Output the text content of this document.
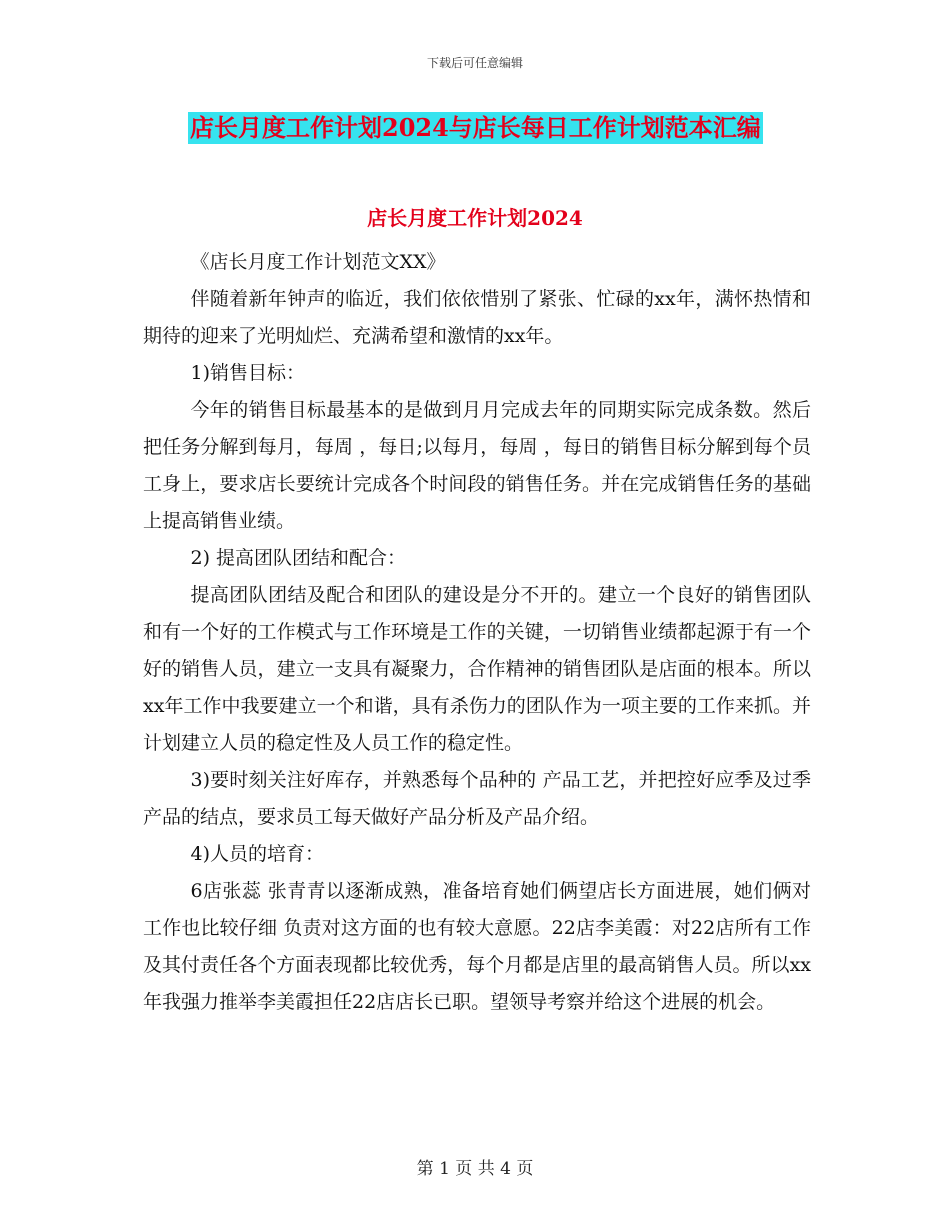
下载后可任意编辑
店长月度工作计划2024与店长每日工作计划范本汇编
店长月度工作计划2024

《店长月度工作计划范文XX》

伴随着新年钟声的临近，我们依依惜别了紧张、忙碌的xx年，满怀热情和期待的迎来了光明灿烂、充满希望和激情的xx年。

1)销售目标：

今年的销售目标最基本的是做到月月完成去年的同期实际完成条数。然后把任务分解到每月，每周 ，每日;以每月，每周 ，每日的销售目标分解到每个员工身上，要求店长要统计完成各个时间段的销售任务。并在完成销售任务的基础上提高销售业绩。

2) 提高团队团结和配合：

提高团队团结及配合和团队的建设是分不开的。建立一个良好的销售团队和有一个好的工作模式与工作环境是工作的关键，一切销售业绩都起源于有一个好的销售人员，建立一支具有凝聚力，合作精神的销售团队是店面的根本。所以xx年工作中我要建立一个和谐，具有杀伤力的团队作为一项主要的工作来抓。并计划建立人员的稳定性及人员工作的稳定性。

3)要时刻关注好库存，并熟悉每个品种的 产品工艺，并把控好应季及过季产品的结点，要求员工每天做好产品分析及产品介绍。

4)人员的培育：

6店张蕊 张青青以逐渐成熟，准备培育她们俩望店长方面进展，她们俩对工作也比较仔细 负责对这方面的也有较大意愿。22店李美霞：对22店所有工作及其付责任各个方面表现都比较优秀，每个月都是店里的最高销售人员。所以xx年我强力推举李美霞担任22店店长已职。望领导考察并给这个进展的机会。

第 1 页 共 4 页
